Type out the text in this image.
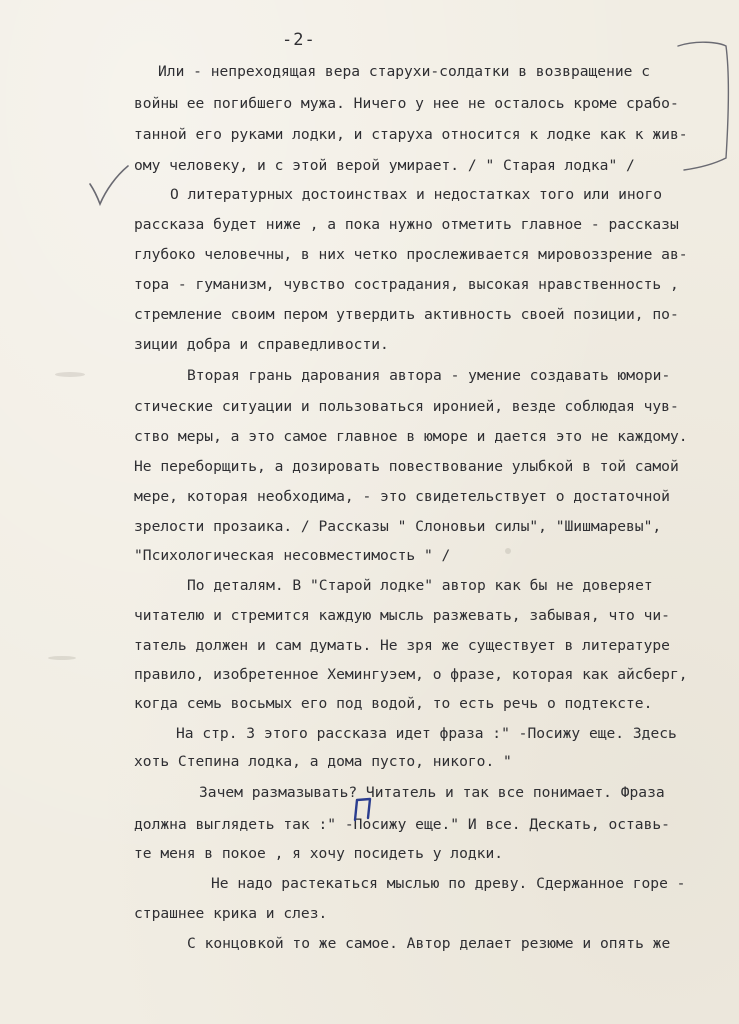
-2-
Или - непреходящая вера старухи-солдатки в возвращение с
войны ее погибшего мужа. Ничего у нее не осталось кроме срабо-
танной его руками лодки, и старуха относится к лодке как к жив-
ому человеку, и с этой верой умирает. / " Старая лодка" /
О литературных достоинствах и недостатках того или иного
рассказа будет ниже , а пока нужно отметить главное - рассказы
глубоко человечны, в них четко прослеживается мировоззрение ав-
тора - гуманизм, чувство сострадания, высокая нравственность ,
стремление своим пером утвердить активность своей позиции, по-
зиции добра и справедливости.
Вторая грань дарования автора - умение создавать юмори-
стические ситуации и пользоваться иронией, везде соблюдая чув-
ство меры, а это самое главное в юморе и дается это не каждому.
Не переборщить, а дозировать повествование улыбкой в той самой
мере, которая необходима, - это свидетельствует о достаточной
зрелости прозаика. / Рассказы " Слоновьи силы", "Шишмаревы",
"Психологическая несовместимость " /
По деталям. В "Старой лодке" автор как бы не доверяет
читателю и стремится каждую мысль разжевать, забывая, что чи-
татель должен и сам думать. Не зря же существует в литературе
правило, изобретенное Хемингуэем, о фразе, которая как айсберг,
когда семь восьмых его под водой, то есть речь о подтексте.
На стр. 3 этого рассказа идет фраза :" -Посижу еще. Здесь
хоть Степина лодка, а дома пусто, никого. "
Зачем размазывать? Читатель и так все понимает. Фраза
должна выглядеть так :" -Посижу еще." И все. Дескать, оставь-
те меня в покое , я хочу посидеть у лодки.
Не надо растекаться мыслью по древу. Сдержанное горе -
страшнее крика и слез.
С концовкой то же самое. Автор делает резюме и опять же
